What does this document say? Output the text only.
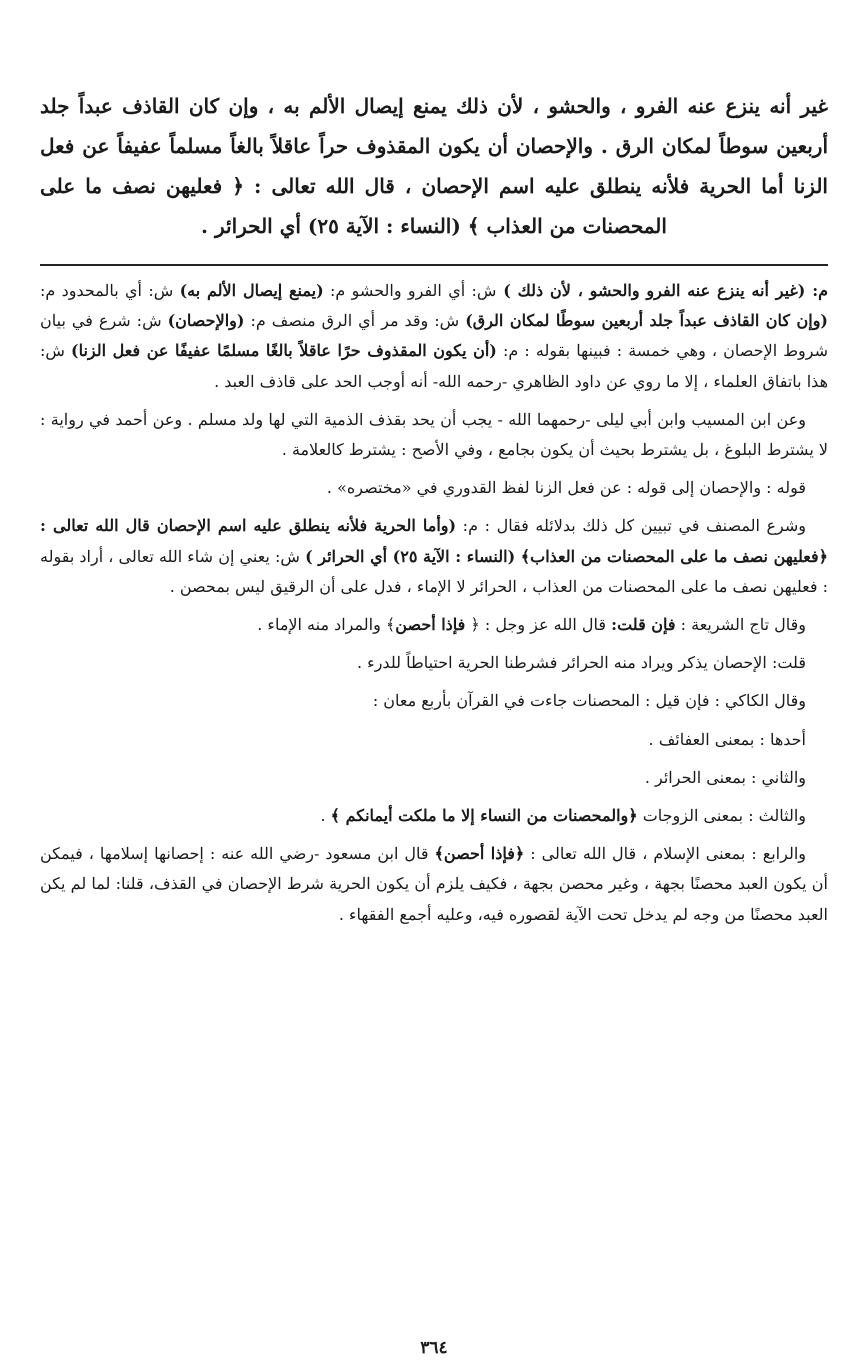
غير أنه ينزع عنه الفرو ، والحشو ، لأن ذلك يمنع إيصال الألم به ، وإن كان القاذف عبداً جلد أربعين سوطاً لمكان الرق . والإحصان أن يكون المقذوف حراً عاقلاً بالغاً مسلماً عفيفاً عن فعل الزنا أما الحرية فلأنه ينطلق عليه اسم الإحصان ، قال الله تعالى : ﴿ فعليهن نصف ما على المحصنات من العذاب ﴾ (النساء : الآية ٢٥) أي الحرائر .

م: (غير أنه ينزع عنه الفرو والحشو ، لأن ذلك ) ش: أي الفرو والحشو م: (يمنع إيصال الألم به) ش: أي بالمحدود م: (وإن كان القاذف عبداً جلد أربعين سوطًا لمكان الرق) ش: وقد مر أي الرق منصف م: (والإحصان) ش: شرع في بيان شروط الإحصان ، وهي خمسة : فبينها بقوله : م: (أن يكون المقذوف حرًا عاقلاً بالغًا مسلمًا عفيفًا عن فعل الزنا) ش: هذا باتفاق العلماء ، إلا ما روي عن داود الظاهري -رحمه الله- أنه أوجب الحد على قاذف العبد .

وعن ابن المسيب وابن أبي ليلى -رحمهما الله - يجب أن يحد بقذف الذمية التي لها ولد مسلم . وعن أحمد في رواية : لا يشترط البلوغ ، بل يشترط بحيث أن يكون بجامع ، وفي الأصح : يشترط كالعلامة .

قوله : والإحصان إلى قوله : عن فعل الزنا لفظ القدوري في «مختصره» .

وشرع المصنف في تبيين كل ذلك بدلائله فقال : م: (وأما الحرية فلأنه ينطلق عليه اسم الإحصان قال الله تعالى : ﴿فعليهن نصف ما على المحصنات من العذاب﴾ (النساء : الآية ٢٥) أي الحرائر ) ش: يعني إن شاء الله تعالى ، أراد بقوله : فعليهن نصف ما على المحصنات من العذاب ، الحرائر لا الإماء ، فدل على أن الرقيق ليس بمحصن .

وقال تاج الشريعة : فإن قلت: قال الله عز وجل : ﴿ فإذا أحصن﴾ والمراد منه الإماء .

قلت: الإحصان يذكر ويراد منه الحرائر فشرطنا الحرية احتياطاً للدرء .

وقال الكاكي : فإن قيل : المحصنات جاءت في القرآن بأربع معان :

أحدها : بمعنى العفائف .

والثاني : بمعنى الحرائر .

والثالث : بمعنى الزوجات ﴿والمحصنات من النساء إلا ما ملكت أيمانكم ﴾ .

والرابع : بمعنى الإسلام ، قال الله تعالى : ﴿فإذا أحصن﴾ قال ابن مسعود -رضي الله عنه : إحصانها إسلامها ، فيمكن أن يكون العبد محصنًا بجهة ، وغير محصن بجهة ، فكيف يلزم أن يكون الحرية شرط الإحصان في القذف، قلنا: لما لم يكن العبد محصنًا من وجه لم يدخل تحت الآية لقصوره فيه، وعليه أجمع الفقهاء .

٣٦٤
